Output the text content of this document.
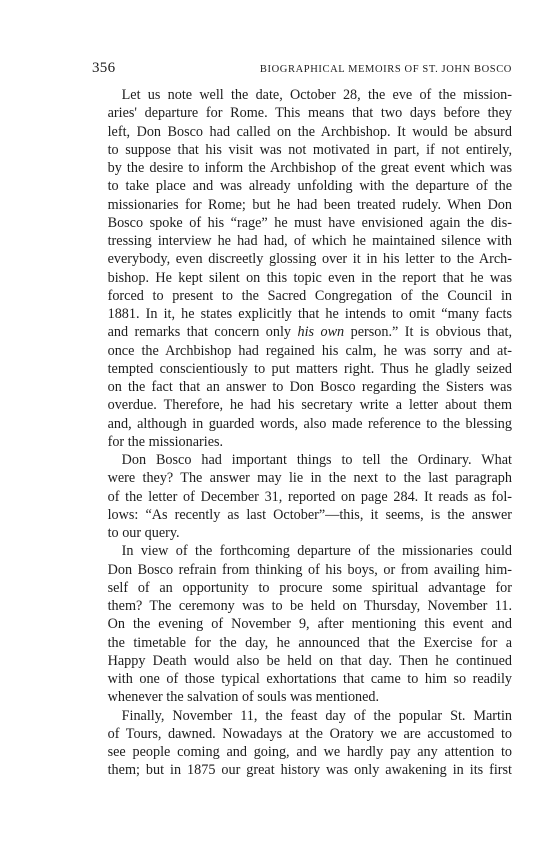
356	BIOGRAPHICAL MEMOIRS OF ST. JOHN BOSCO

Let us note well the date, October 28, the eve of the mission-
aries' departure for Rome. This means that two days before they
left, Don Bosco had called on the Archbishop. It would be absurd
to suppose that his visit was not motivated in part, if not entirely,
by the desire to inform the Archbishop of the great event which was
to take place and was already unfolding with the departure of the
missionaries for Rome; but he had been treated rudely. When Don
Bosco spoke of his “rage” he must have envisioned again the dis-
tressing interview he had had, of which he maintained silence with
everybody, even discreetly glossing over it in his letter to the Arch-
bishop. He kept silent on this topic even in the report that he was
forced to present to the Sacred Congregation of the Council in
1881. In it, he states explicitly that he intends to omit “many facts
and remarks that concern only his own person.” It is obvious that,
once the Archbishop had regained his calm, he was sorry and at-
tempted conscientiously to put matters right. Thus he gladly seized
on the fact that an answer to Don Bosco regarding the Sisters was
overdue. Therefore, he had his secretary write a letter about them
and, although in guarded words, also made reference to the blessing
for the missionaries.

Don Bosco had important things to tell the Ordinary. What
were they? The answer may lie in the next to the last paragraph
of the letter of December 31, reported on page 284. It reads as fol-
lows: “As recently as last October”—this, it seems, is the answer
to our query.

In view of the forthcoming departure of the missionaries could
Don Bosco refrain from thinking of his boys, or from availing him-
self of an opportunity to procure some spiritual advantage for
them? The ceremony was to be held on Thursday, November 11.
On the evening of November 9, after mentioning this event and
the timetable for the day, he announced that the Exercise for a
Happy Death would also be held on that day. Then he continued
with one of those typical exhortations that came to him so readily
whenever the salvation of souls was mentioned.

Finally, November 11, the feast day of the popular St. Martin
of Tours, dawned. Nowadays at the Oratory we are accustomed to
see people coming and going, and we hardly pay any attention to
them; but in 1875 our great history was only awakening in its first
